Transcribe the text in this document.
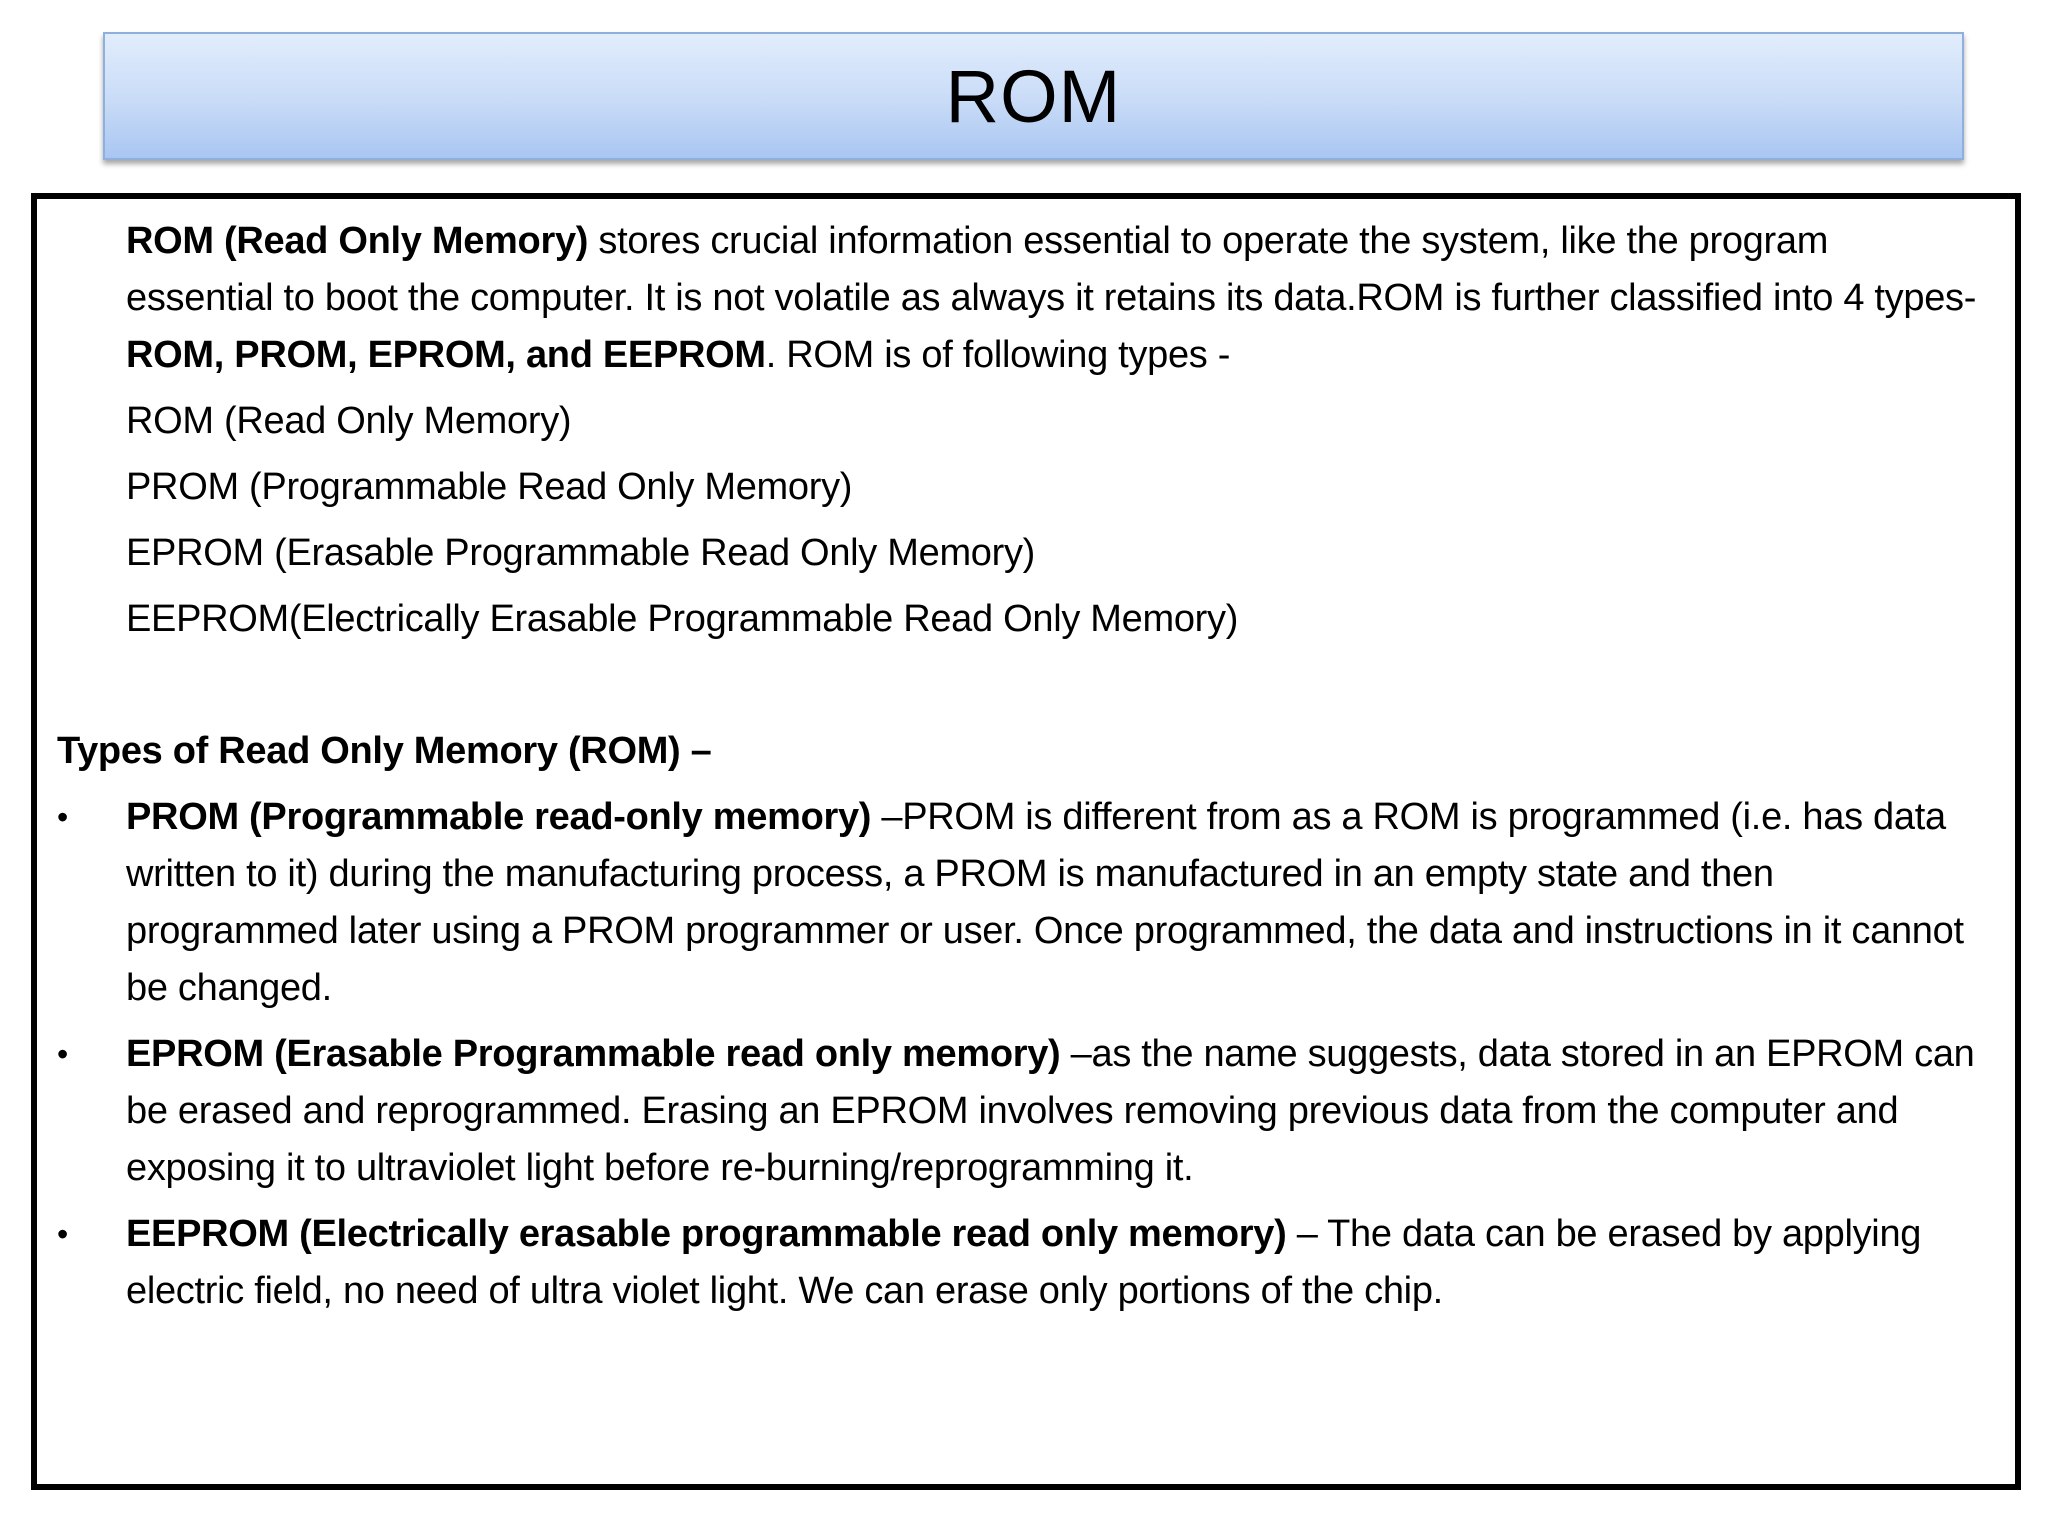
ROM

ROM (Read Only Memory) stores crucial information essential to operate the system, like the program essential to boot the computer. It is not volatile as always it retains its data.ROM is further classified into 4 types- ROM, PROM, EPROM, and EEPROM. ROM is of following types -

ROM (Read Only Memory)
PROM (Programmable Read Only Memory)
EPROM (Erasable Programmable Read Only Memory)
EEPROM(Electrically Erasable Programmable Read Only Memory)
Types of Read Only Memory (ROM) –
• PROM (Programmable read-only memory) –PROM is different from as a ROM is programmed (i.e. has data written to it) during the manufacturing process, a PROM is manufactured in an empty state and then programmed later using a PROM programmer or user. Once programmed, the data and instructions in it cannot be changed.
• EPROM (Erasable Programmable read only memory) –as the name suggests, data stored in an EPROM can be erased and reprogrammed. Erasing an EPROM involves removing previous data from the computer and exposing it to ultraviolet light before re-burning/reprogramming it.
• EEPROM (Electrically erasable programmable read only memory) – The data can be erased by applying electric field, no need of ultra violet light. We can erase only portions of the chip.
